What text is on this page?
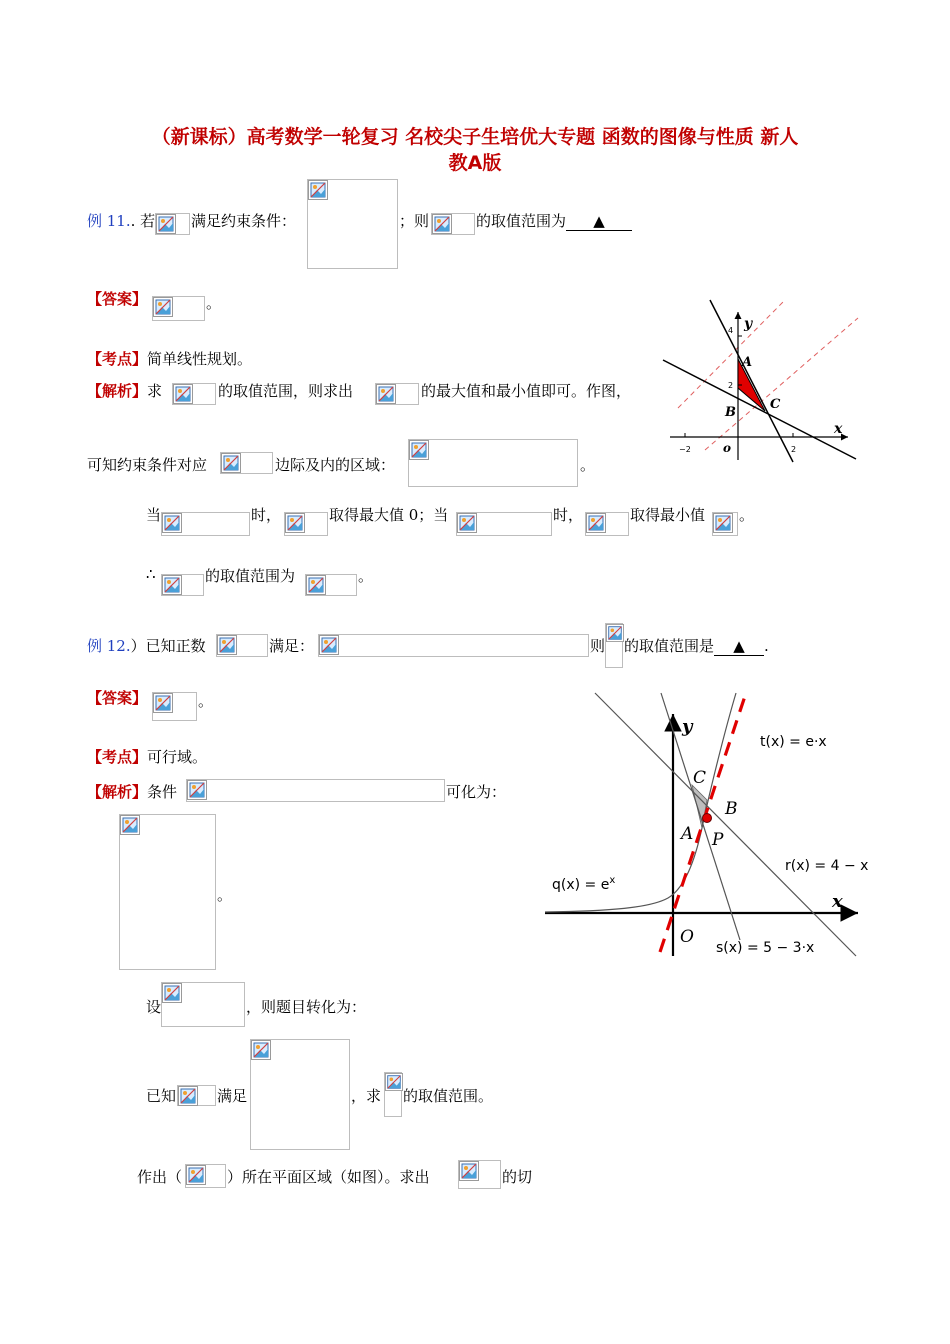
（新课标）高考数学一轮复习 名校尖子生培优大专题 函数的图像与性质 新人
教A版
例 11.. 若 满足约束条件：	；则	的取值范围为 ▲
【答案】	。
【考点】简单线性规划。
【解析】求	的取值范围，则求出	的最大值和最小值即可。作图，
可知约束条件对应	边际及内的区域：	。
当	时，	取得最大值 0；当	时，	取得最小值 。
∴	的取值范围为	。
4
2
−2	2
y
x
A
B
C
o
例 12.）已知正数	满足：	则 的取值范围是 ▲ .
【答案】	。
【考点】可行域。
【解析】条件	可化为：
。
设	，则题目转化为：
已知	满足	，求 的取值范围。
作出（	）所在平面区域（如图）。求出	的切
y
x
O
C
B
A P
t(x) = e·x
r(x) = 4 − x
$q(x) = e^x$
s(x) = 5 − 3·x
